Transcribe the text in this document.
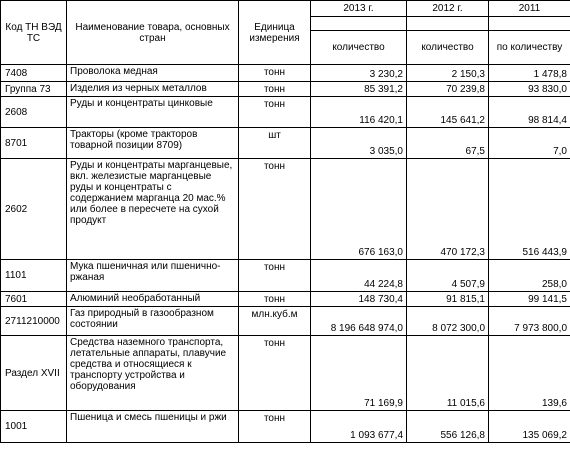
Код ТН ВЭД ТС	Наименование товара, основных стран	Единица измерения	2013 г.	2012 г.	2011

			количество	количество	по количеству
7408	Проволока медная	тонн	3 230,2	2 150,3	1 478,8
Группа 73	Изделия из черных металлов	тонн	85 391,2	70 239,8	93 830,0
2608	Руды и концентраты цинковые	тонн	116 420,1	145 641,2	98 814,4
8701	Тракторы (кроме тракторов товарной позиции 8709)	шт	3 035,0	67,5	7,0
2602	Руды и концентраты марганцевые, вкл. железистые марганцевые руды и концентраты с содержанием марганца 20 мас.% или более в пересчете на сухой продукт	тонн	676 163,0	470 172,3	516 443,9
1101	Мука пшеничная или пшенично-ржаная	тонн	44 224,8	4 507,9	258,0
7601	Алюминий необработанный	тонн	148 730,4	91 815,1	99 141,5
2711210000	Газ природный в газообразном состоянии	млн.куб.м	8 196 648 974,0	8 072 300,0	7 973 800,0
Раздел XVII	Средства наземного транспорта, летательные аппараты, плавучие средства и относящиеся к транспорту устройства и оборудования	тонн	71 169,9	11 015,6	139,6
1001	Пшеница и смесь пшеницы и ржи	тонн	1 093 677,4	556 126,8	135 069,2
